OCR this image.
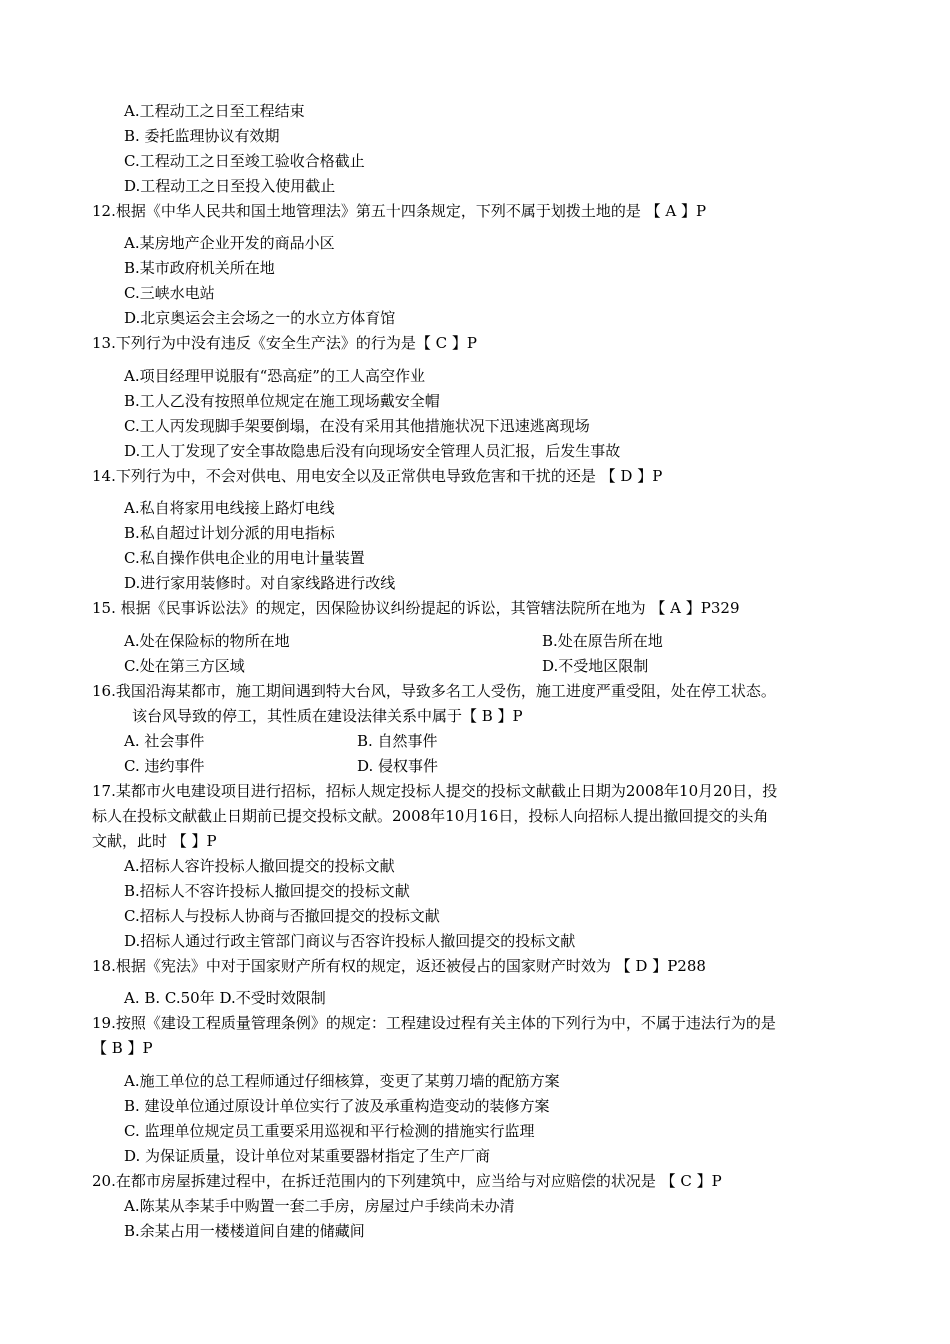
A.工程动工之日至工程结束
B. 委托监理协议有效期
C.工程动工之日至竣工验收合格截止
D.工程动工之日至投入使用截止
12.根据《中华人民共和国土地管理法》第五十四条规定，下列不属于划拨土地的是 【 A 】P
A.某房地产企业开发的商品小区
B.某市政府机关所在地
C.三峡水电站
D.北京奥运会主会场之一的水立方体育馆
13.下列行为中没有违反《安全生产法》的行为是【 C 】P
A.项目经理甲说服有“恐高症”的工人高空作业
B.工人乙没有按照单位规定在施工现场戴安全帽
C.工人丙发现脚手架要倒塌，在没有采用其他措施状况下迅速逃离现场
D.工人丁发现了安全事故隐患后没有向现场安全管理人员汇报，后发生事故
14.下列行为中，不会对供电、用电安全以及正常供电导致危害和干扰的还是 【 D 】P
A.私自将家用电线接上路灯电线
B.私自超过计划分派的用电指标
C.私自操作供电企业的用电计量装置
D.进行家用装修时。对自家线路进行改线
15. 根据《民事诉讼法》的规定，因保险协议纠纷提起的诉讼，其管辖法院所在地为 【 A 】P329
A.处在保险标的物所在地	B.处在原告所在地
C.处在第三方区域	D.不受地区限制
16.我国沿海某都市，施工期间遇到特大台风，导致多名工人受伤，施工进度严重受阻，处在停工状态。
该台风导致的停工，其性质在建设法律关系中属于【 B 】P
A. 社会事件	B. 自然事件
C. 违约事件	D. 侵权事件
17.某都市火电建设项目进行招标，招标人规定投标人提交的投标文献截止日期为2008年10月20日，投
标人在投标文献截止日期前已提交投标文献。2008年10月16日，投标人向招标人提出撤回提交的头角
文献，此时 【 】P
A.招标人容许投标人撤回提交的投标文献
B.招标人不容许投标人撤回提交的投标文献
C.招标人与投标人协商与否撤回提交的投标文献
D.招标人通过行政主管部门商议与否容许投标人撤回提交的投标文献
18.根据《宪法》中对于国家财产所有权的规定，返还被侵占的国家财产时效为 【 D 】P288
A. B. C.50年 D.不受时效限制
19.按照《建设工程质量管理条例》的规定：工程建设过程有关主体的下列行为中，不属于违法行为的是
【 B 】P
A.施工单位的总工程师通过仔细核算，变更了某剪刀墙的配筋方案
B. 建设单位通过原设计单位实行了波及承重构造变动的装修方案
C. 监理单位规定员工重要采用巡视和平行检测的措施实行监理
D. 为保证质量，设计单位对某重要器材指定了生产厂商
20.在都市房屋拆建过程中，在拆迁范围内的下列建筑中，应当给与对应赔偿的状况是 【 C 】P
A.陈某从李某手中购置一套二手房，房屋过户手续尚未办清
B.余某占用一楼楼道间自建的储藏间
